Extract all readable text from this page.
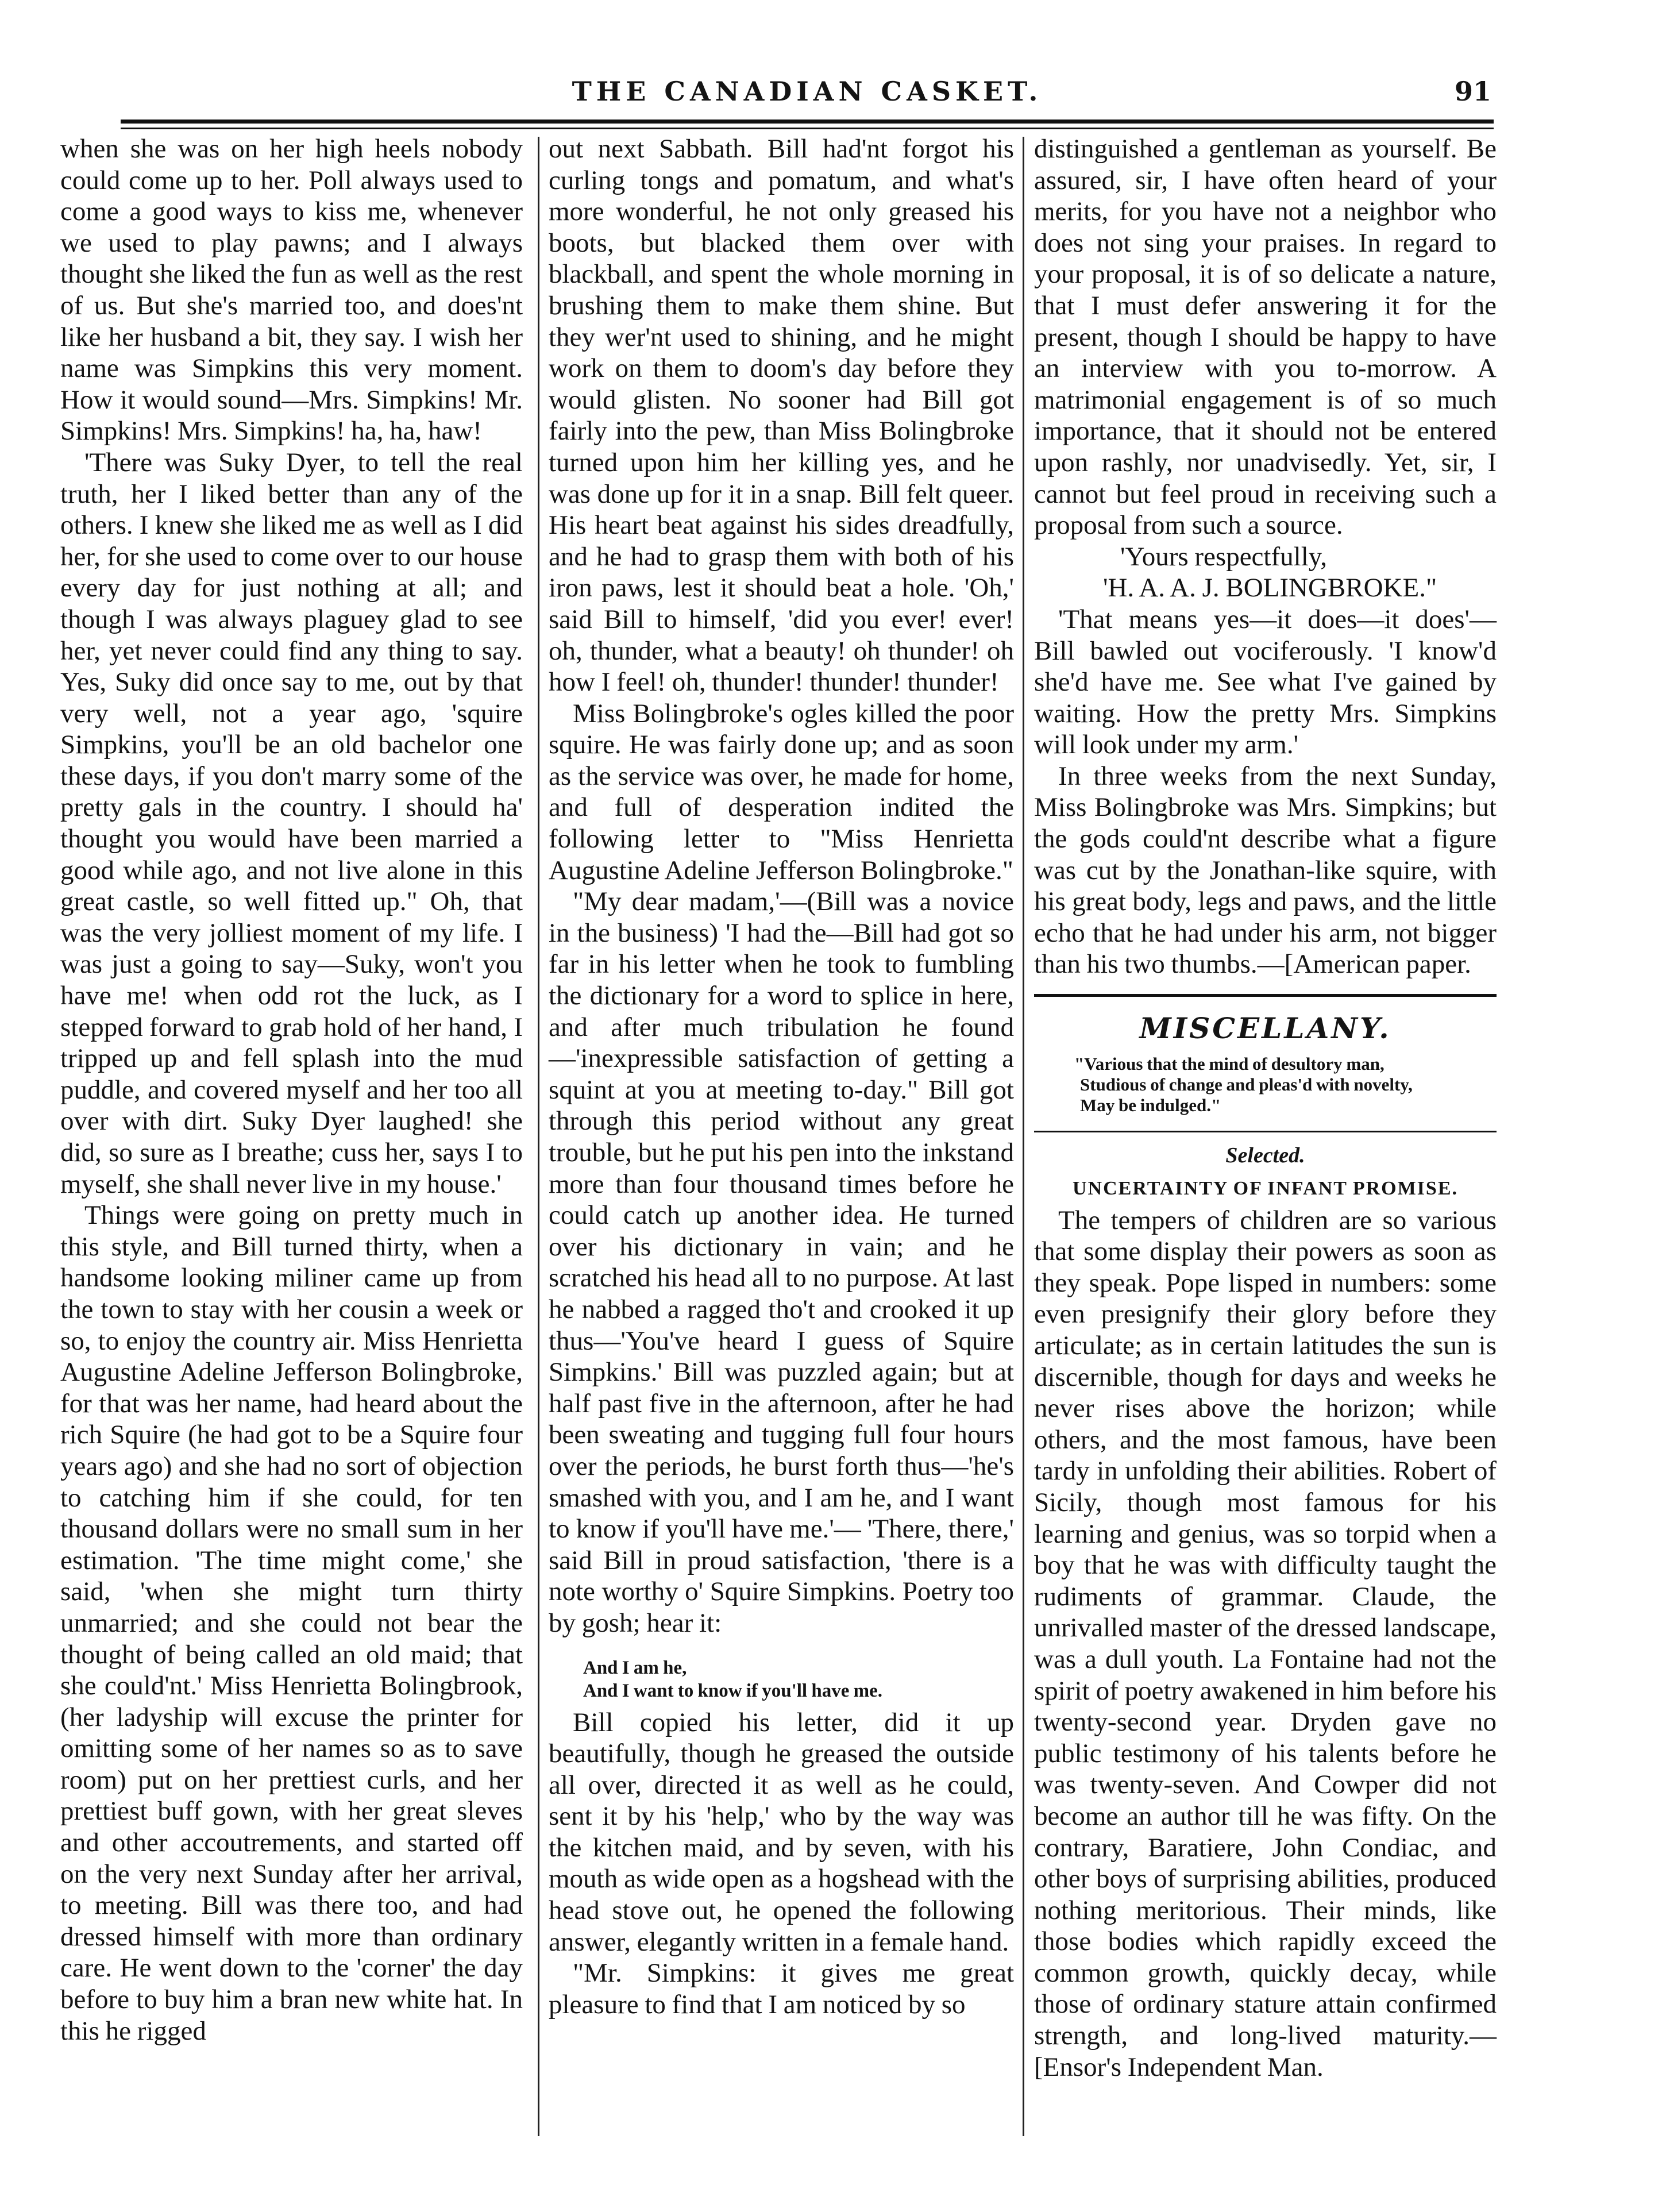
THE CANADIAN CASKET.	91

when she was on her high heels nobody could come up to her. Poll always used to come a good ways to kiss me, whenever we used to play pawns; and I always thought she liked the fun as well as the rest of us. But she's married too, and does'nt like her husband a bit, they say. I wish her name was Simpkins this very moment. How it would sound—Mrs. Simpkins! Mr. Simpkins! Mrs. Simpkins! ha, ha, haw!

'There was Suky Dyer, to tell the real truth, her I liked better than any of the others. I knew she liked me as well as I did her, for she used to come over to our house every day for just nothing at all; and though I was always plaguey glad to see her, yet never could find any thing to say. Yes, Suky did once say to me, out by that very well, not a year ago, 'squire Simpkins, you'll be an old bachelor one these days, if you don't marry some of the pretty gals in the country. I should ha' thought you would have been married a good while ago, and not live alone in this great castle, so well fitted up." Oh, that was the very jolliest moment of my life. I was just a going to say—Suky, won't you have me! when odd rot the luck, as I stepped forward to grab hold of her hand, I tripped up and fell splash into the mud puddle, and covered myself and her too all over with dirt. Suky Dyer laughed! she did, so sure as I breathe; cuss her, says I to myself, she shall never live in my house.'

Things were going on pretty much in this style, and Bill turned thirty, when a handsome looking miliner came up from the town to stay with her cousin a week or so, to enjoy the country air. Miss Henrietta Augustine Adeline Jefferson Bolingbroke, for that was her name, had heard about the rich Squire (he had got to be a Squire four years ago) and she had no sort of objection to catching him if she could, for ten thousand dollars were no small sum in her estimation. 'The time might come,' she said, 'when she might turn thirty unmarried; and she could not bear the thought of being called an old maid; that she could'nt.' Miss Henrietta Bolingbrook, (her ladyship will excuse the printer for omitting some of her names so as to save room) put on her prettiest curls, and her prettiest buff gown, with her great sleves and other accoutrements, and started off on the very next Sunday after her arrival, to meeting. Bill was there too, and had dressed himself with more than ordinary care. He went down to the 'corner' the day before to buy him a bran new white hat. In this he rigged

out next Sabbath. Bill had'nt forgot his curling tongs and pomatum, and what's more wonderful, he not only greased his boots, but blacked them over with blackball, and spent the whole morning in brushing them to make them shine. But they wer'nt used to shining, and he might work on them to doom's day before they would glisten. No sooner had Bill got fairly into the pew, than Miss Bolingbroke turned upon him her killing yes, and he was done up for it in a snap. Bill felt queer. His heart beat against his sides dreadfully, and he had to grasp them with both of his iron paws, lest it should beat a hole. 'Oh,' said Bill to himself, 'did you ever! ever! oh, thunder, what a beauty! oh thunder! oh how I feel! oh, thunder! thunder! thunder!

Miss Bolingbroke's ogles killed the poor squire. He was fairly done up; and as soon as the service was over, he made for home, and full of desperation indited the following letter to "Miss Henrietta Augustine Adeline Jefferson Bolingbroke."

"My dear madam,'—(Bill was a novice in the business) 'I had the—Bill had got so far in his letter when he took to fumbling the dictionary for a word to splice in here, and after much tribulation he found—'inexpressible satisfaction of getting a squint at you at meeting to-day." Bill got through this period without any great trouble, but he put his pen into the inkstand more than four thousand times before he could catch up another idea. He turned over his dictionary in vain; and he scratched his head all to no purpose. At last he nabbed a ragged tho't and crooked it up thus—'You've heard I guess of Squire Simpkins.' Bill was puzzled again; but at half past five in the afternoon, after he had been sweating and tugging full four hours over the periods, he burst forth thus—'he's smashed with you, and I am he, and I want to know if you'll have me.'— 'There, there,' said Bill in proud satisfaction, 'there is a note worthy o' Squire Simpkins. Poetry too by gosh; hear it:

And I am he,
And I want to know if you'll have me.

Bill copied his letter, did it up beautifully, though he greased the outside all over, directed it as well as he could, sent it by his 'help,' who by the way was the kitchen maid, and by seven, with his mouth as wide open as a hogshead with the head stove out, he opened the following answer, elegantly written in a female hand.

"Mr. Simpkins: it gives me great pleasure to find that I am noticed by so

distinguished a gentleman as yourself. Be assured, sir, I have often heard of your merits, for you have not a neighbor who does not sing your praises. In regard to your proposal, it is of so delicate a nature, that I must defer answering it for the present, though I should be happy to have an interview with you to-morrow. A matrimonial engagement is of so much importance, that it should not be entered upon rashly, nor unadvisedly. Yet, sir, I cannot but feel proud in receiving such a proposal from such a source.

'Yours respectfully,

'H. A. A. J. BOLINGBROKE."

'That means yes—it does—it does'—Bill bawled out vociferously. 'I know'd she'd have me. See what I've gained by waiting. How the pretty Mrs. Simpkins will look under my arm.'

In three weeks from the next Sunday, Miss Bolingbroke was Mrs. Simpkins; but the gods could'nt describe what a figure was cut by the Jonathan-like squire, with his great body, legs and paws, and the little echo that he had under his arm, not bigger than his two thumbs.—[American paper.

MISCELLANY.
"Various that the mind of desultory man,
Studious of change and pleas'd with novelty,
May be indulged."
Selected.
UNCERTAINTY OF INFANT PROMISE.

The tempers of children are so various that some display their powers as soon as they speak. Pope lisped in numbers: some even presignify their glory before they articulate; as in certain latitudes the sun is discernible, though for days and weeks he never rises above the horizon; while others, and the most famous, have been tardy in unfolding their abilities. Robert of Sicily, though most famous for his learning and genius, was so torpid when a boy that he was with difficulty taught the rudiments of grammar. Claude, the unrivalled master of the dressed landscape, was a dull youth. La Fontaine had not the spirit of poetry awakened in him before his twenty-second year. Dryden gave no public testimony of his talents before he was twenty-seven. And Cowper did not become an author till he was fifty. On the contrary, Baratiere, John Condiac, and other boys of surprising abilities, produced nothing meritorious. Their minds, like those bodies which rapidly exceed the common growth, quickly decay, while those of ordinary stature attain confirmed strength, and long-lived maturity.—[Ensor's Independent Man.
